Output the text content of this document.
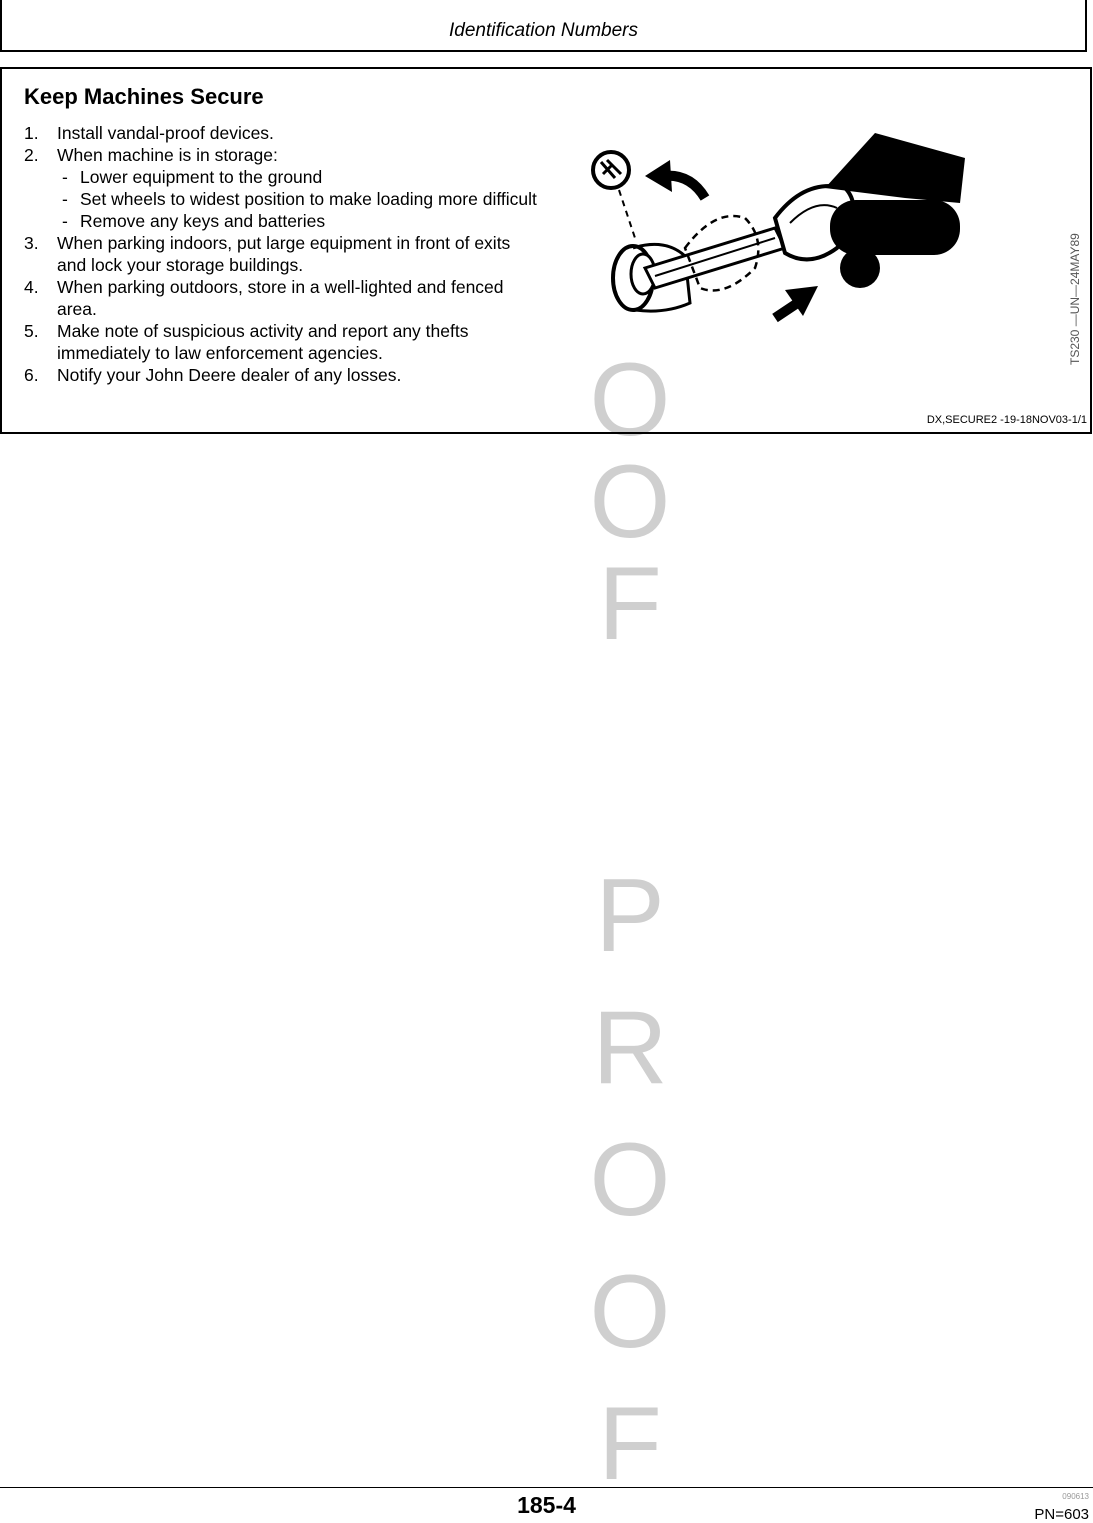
Identification Numbers
O
O
F
P
R
O
O
F
Keep Machines Secure
1. Install vandal-proof devices.
2. When machine is in storage:
- Lower equipment to the ground
- Set wheels to widest position to make loading more difficult
- Remove any keys and batteries
3. When parking indoors, put large equipment in front of exits and lock your storage buildings.
4. When parking outdoors, store in a well-lighted and fenced area.
5. Make note of suspicious activity and report any thefts immediately to law enforcement agencies.
6. Notify your John Deere dealer of any losses.
TS230 —UN—24MAY89
DX,SECURE2 -19-18NOV03-1/1
185-4	090613
PN=603
